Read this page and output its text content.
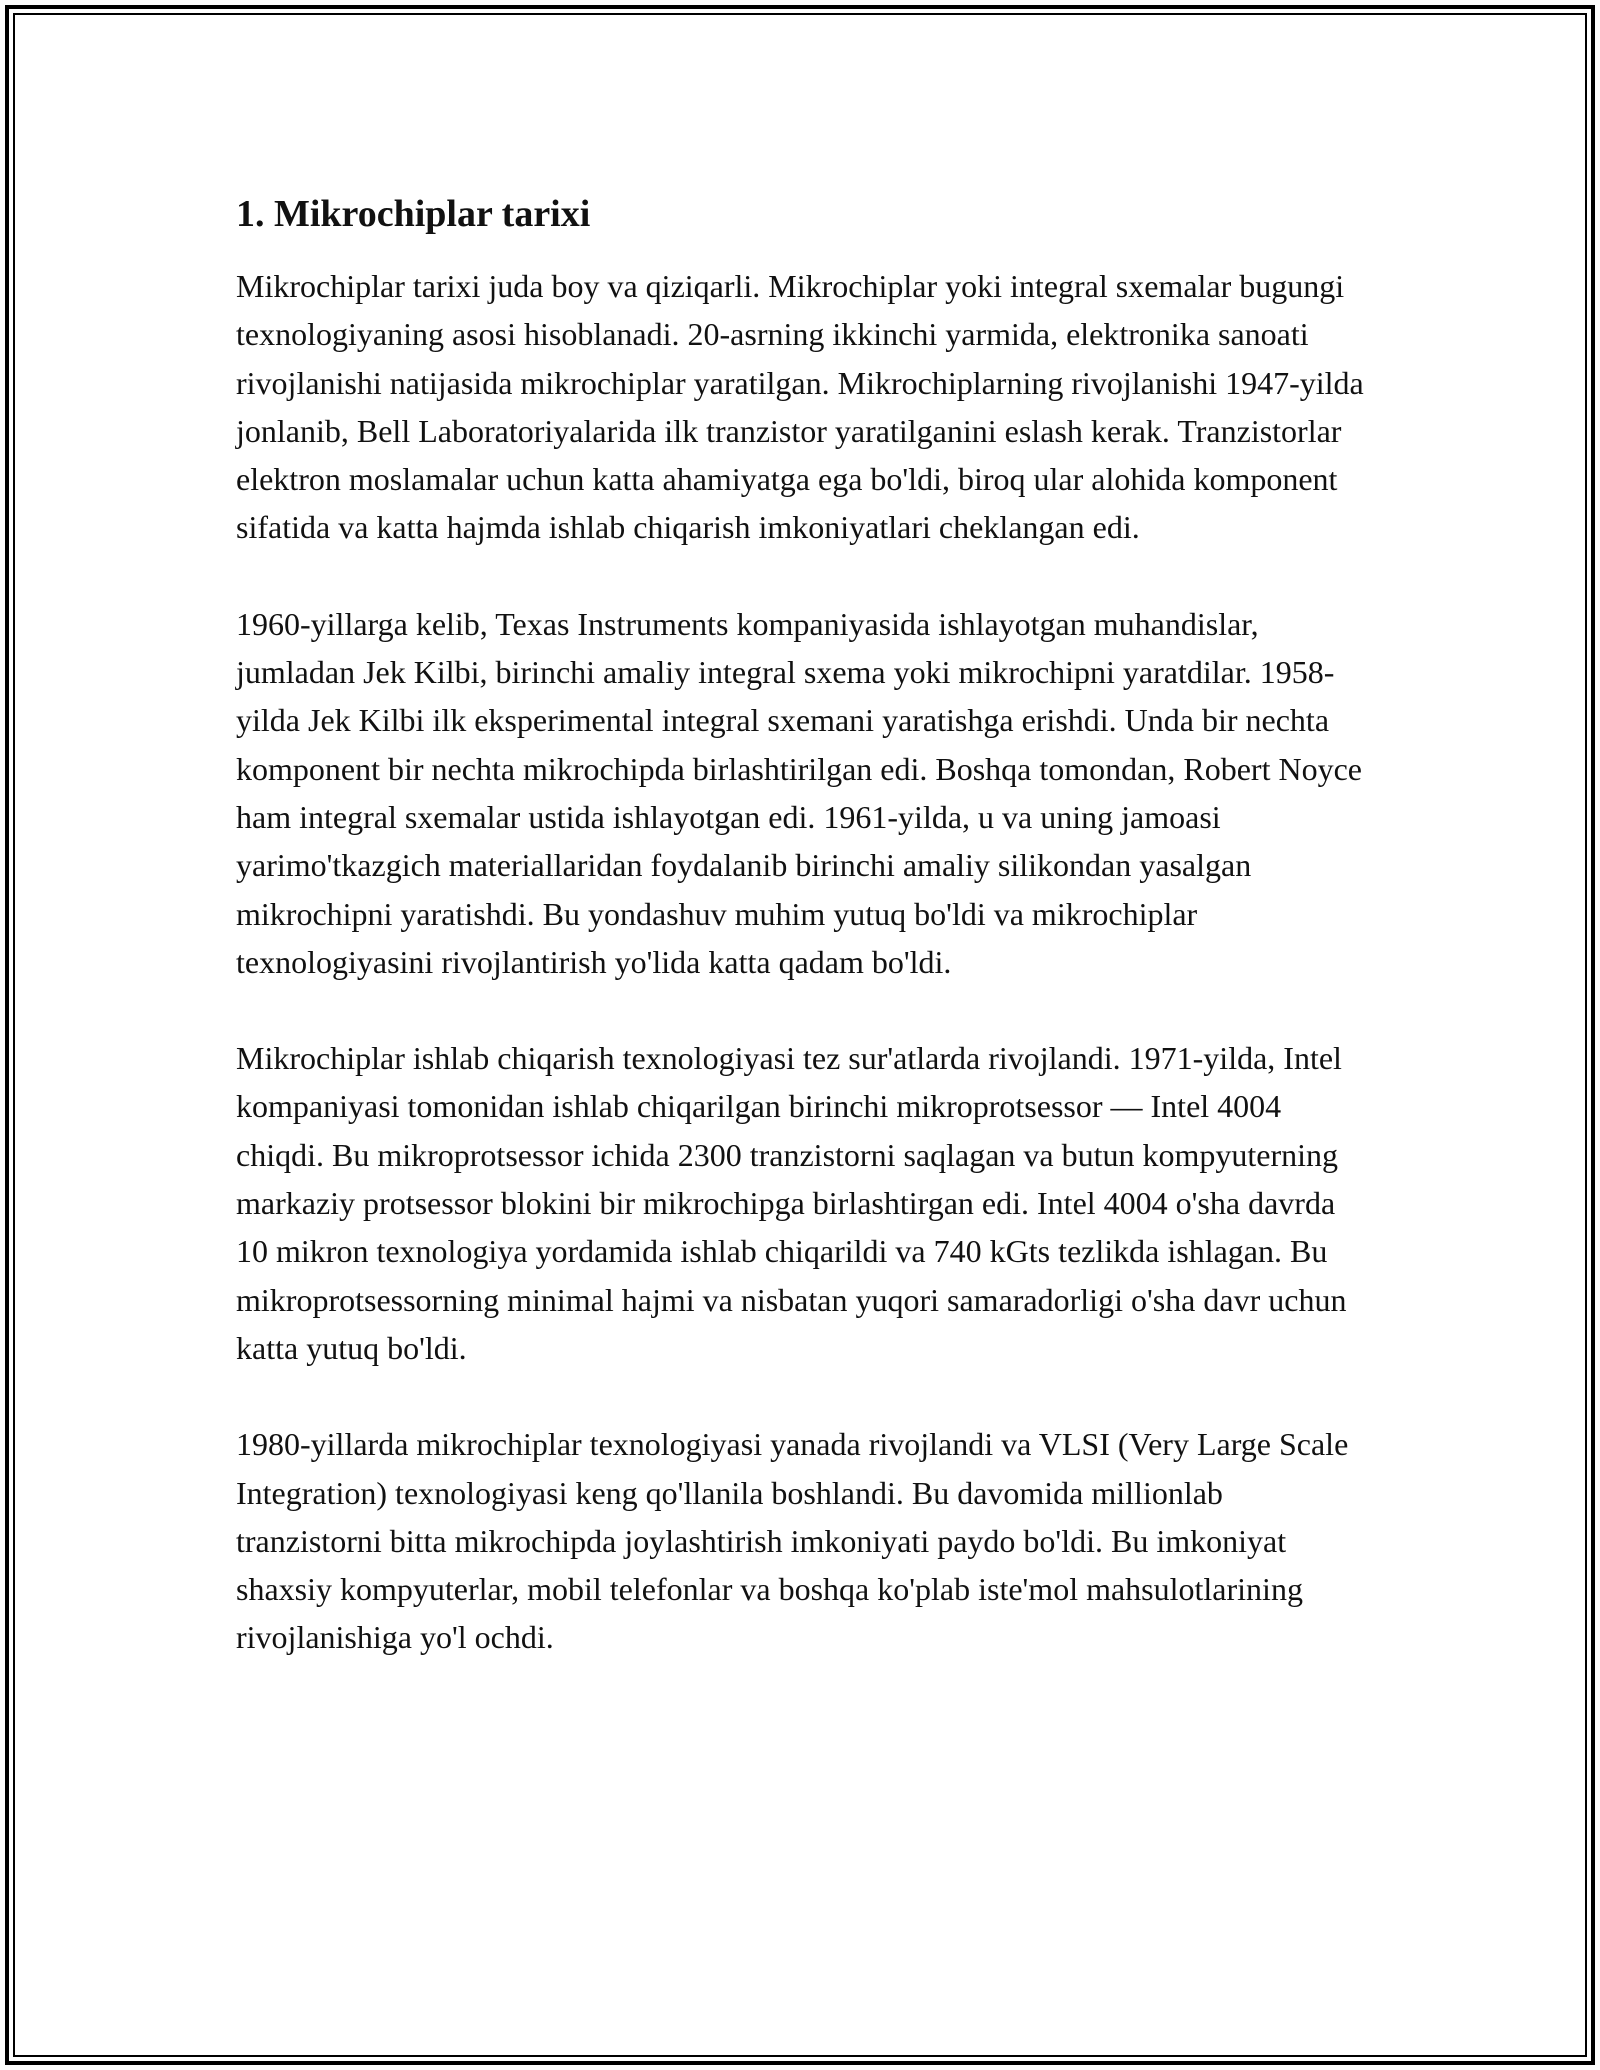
1. Mikrochiplar tarixi

Mikrochiplar tarixi juda boy va qiziqarli. Mikrochiplar yoki integral sxemalar bugungi texnologiyaning asosi hisoblanadi. 20-asrning ikkinchi yarmida, elektronika sanoati rivojlanishi natijasida mikrochiplar yaratilgan. Mikrochiplarning rivojlanishi 1947-yilda jonlanib, Bell Laboratoriyalarida ilk tranzistor yaratilganini eslash kerak. Tranzistorlar elektron moslamalar uchun katta ahamiyatga ega bo'ldi, biroq ular alohida komponent sifatida va katta hajmda ishlab chiqarish imkoniyatlari cheklangan edi.

1960-yillarga kelib, Texas Instruments kompaniyasida ishlayotgan muhandislar, jumladan Jek Kilbi, birinchi amaliy integral sxema yoki mikrochipni yaratdilar. 1958-yilda Jek Kilbi ilk eksperimental integral sxemani yaratishga erishdi. Unda bir nechta komponent bir nechta mikrochipda birlashtirilgan edi. Boshqa tomondan, Robert Noyce ham integral sxemalar ustida ishlayotgan edi. 1961-yilda, u va uning jamoasi yarimo'tkazgich materiallaridan foydalanib birinchi amaliy silikondan yasalgan mikrochipni yaratishdi. Bu yondashuv muhim yutuq bo'ldi va mikrochiplar texnologiyasini rivojlantirish yo'lida katta qadam bo'ldi.

Mikrochiplar ishlab chiqarish texnologiyasi tez sur'atlarda rivojlandi. 1971-yilda, Intel kompaniyasi tomonidan ishlab chiqarilgan birinchi mikroprotsessor — Intel 4004 chiqdi. Bu mikroprotsessor ichida 2300 tranzistorni saqlagan va butun kompyuterning markaziy protsessor blokini bir mikrochipga birlashtirgan edi. Intel 4004 o'sha davrda 10 mikron texnologiya yordamida ishlab chiqarildi va 740 kGts tezlikda ishlagan. Bu mikroprotsessorning minimal hajmi va nisbatan yuqori samaradorligi o'sha davr uchun katta yutuq bo'ldi.

1980-yillarda mikrochiplar texnologiyasi yanada rivojlandi va VLSI (Very Large Scale Integration) texnologiyasi keng qo'llanila boshlandi. Bu davomida millionlab tranzistorni bitta mikrochipda joylashtirish imkoniyati paydo bo'ldi. Bu imkoniyat shaxsiy kompyuterlar, mobil telefonlar va boshqa ko'plab iste'mol mahsulotlarining rivojlanishiga yo'l ochdi.
